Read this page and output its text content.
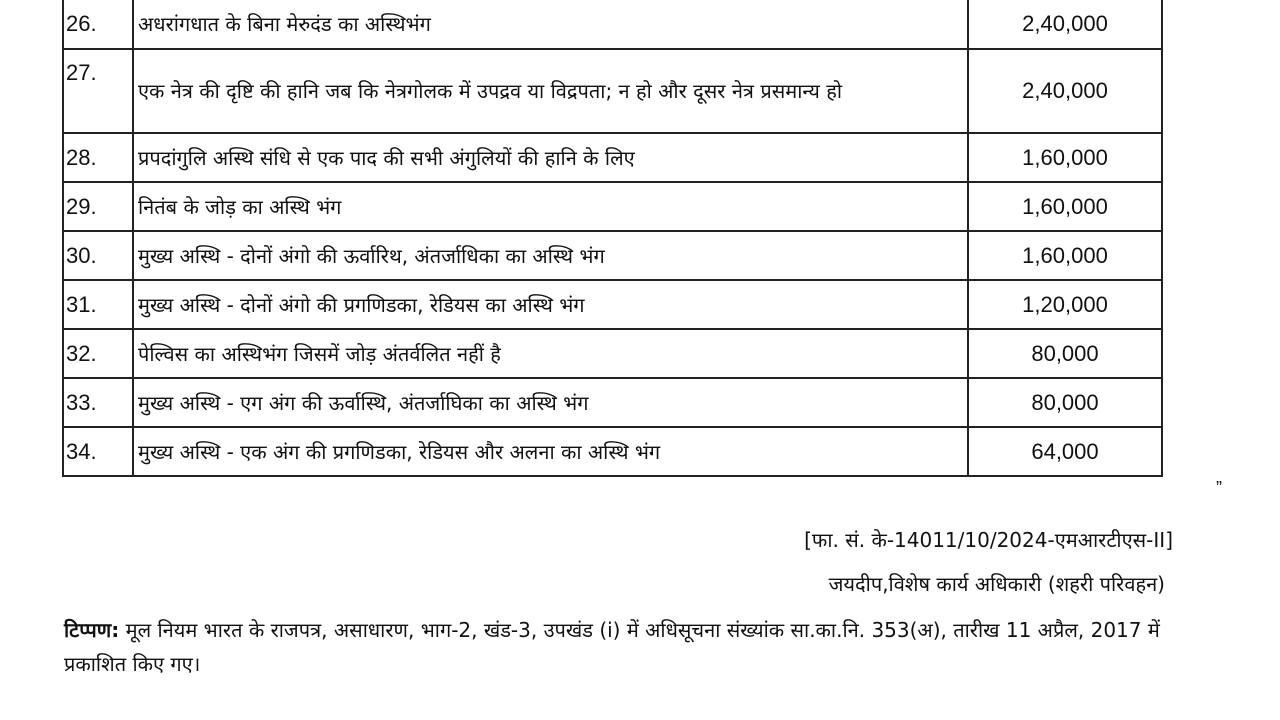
26.	अधरांगधात के बिना मेरुदंड का अस्थिभंग	2,40,000
27.	एक नेत्र की दृष्टि की हानि जब कि नेत्रगोलक में उपद्रव या विद्रपता; न हो और दूसर नेत्र प्रसमान्य हो	2,40,000
28.	प्रपदांगुलि अस्थि संधि से एक पाद की सभी अंगुलियों की हानि के लिए	1,60,000
29.	नितंब के जोड़ का अस्थि भंग	1,60,000
30.	मुख्य अस्थि - दोनों अंगो की ऊर्वारिथ, अंतर्जाधिका का अस्थि भंग	1,60,000
31.	मुख्य अस्थि - दोनों अंगो की प्रगणिडका, रेडियस का अस्थि भंग	1,20,000
32.	पेल्विस का अस्थिभंग जिसमें जोड़ अंतर्वलित नहीं है	80,000
33.	मुख्य अस्थि - एग अंग की ऊर्वास्थि, अंतर्जाघिका का अस्थि भंग	80,000
34.	मुख्य अस्थि - एक अंग की प्रगणिडका, रेडियस और अलना का अस्थि भंग	64,000
”
[फा. सं. के-14011/10/2024-एमआरटीएस-II]
जयदीप,विशेष कार्य अधिकारी (शहरी परिवहन)
टिप्पण: मूल नियम भारत के राजपत्र, असाधारण, भाग-2, खंड-3, उपखंड (i) में अधिसूचना संख्यांक सा.का.नि. 353(अ), तारीख 11 अप्रैल, 2017 में प्रकाशित किए गए।
